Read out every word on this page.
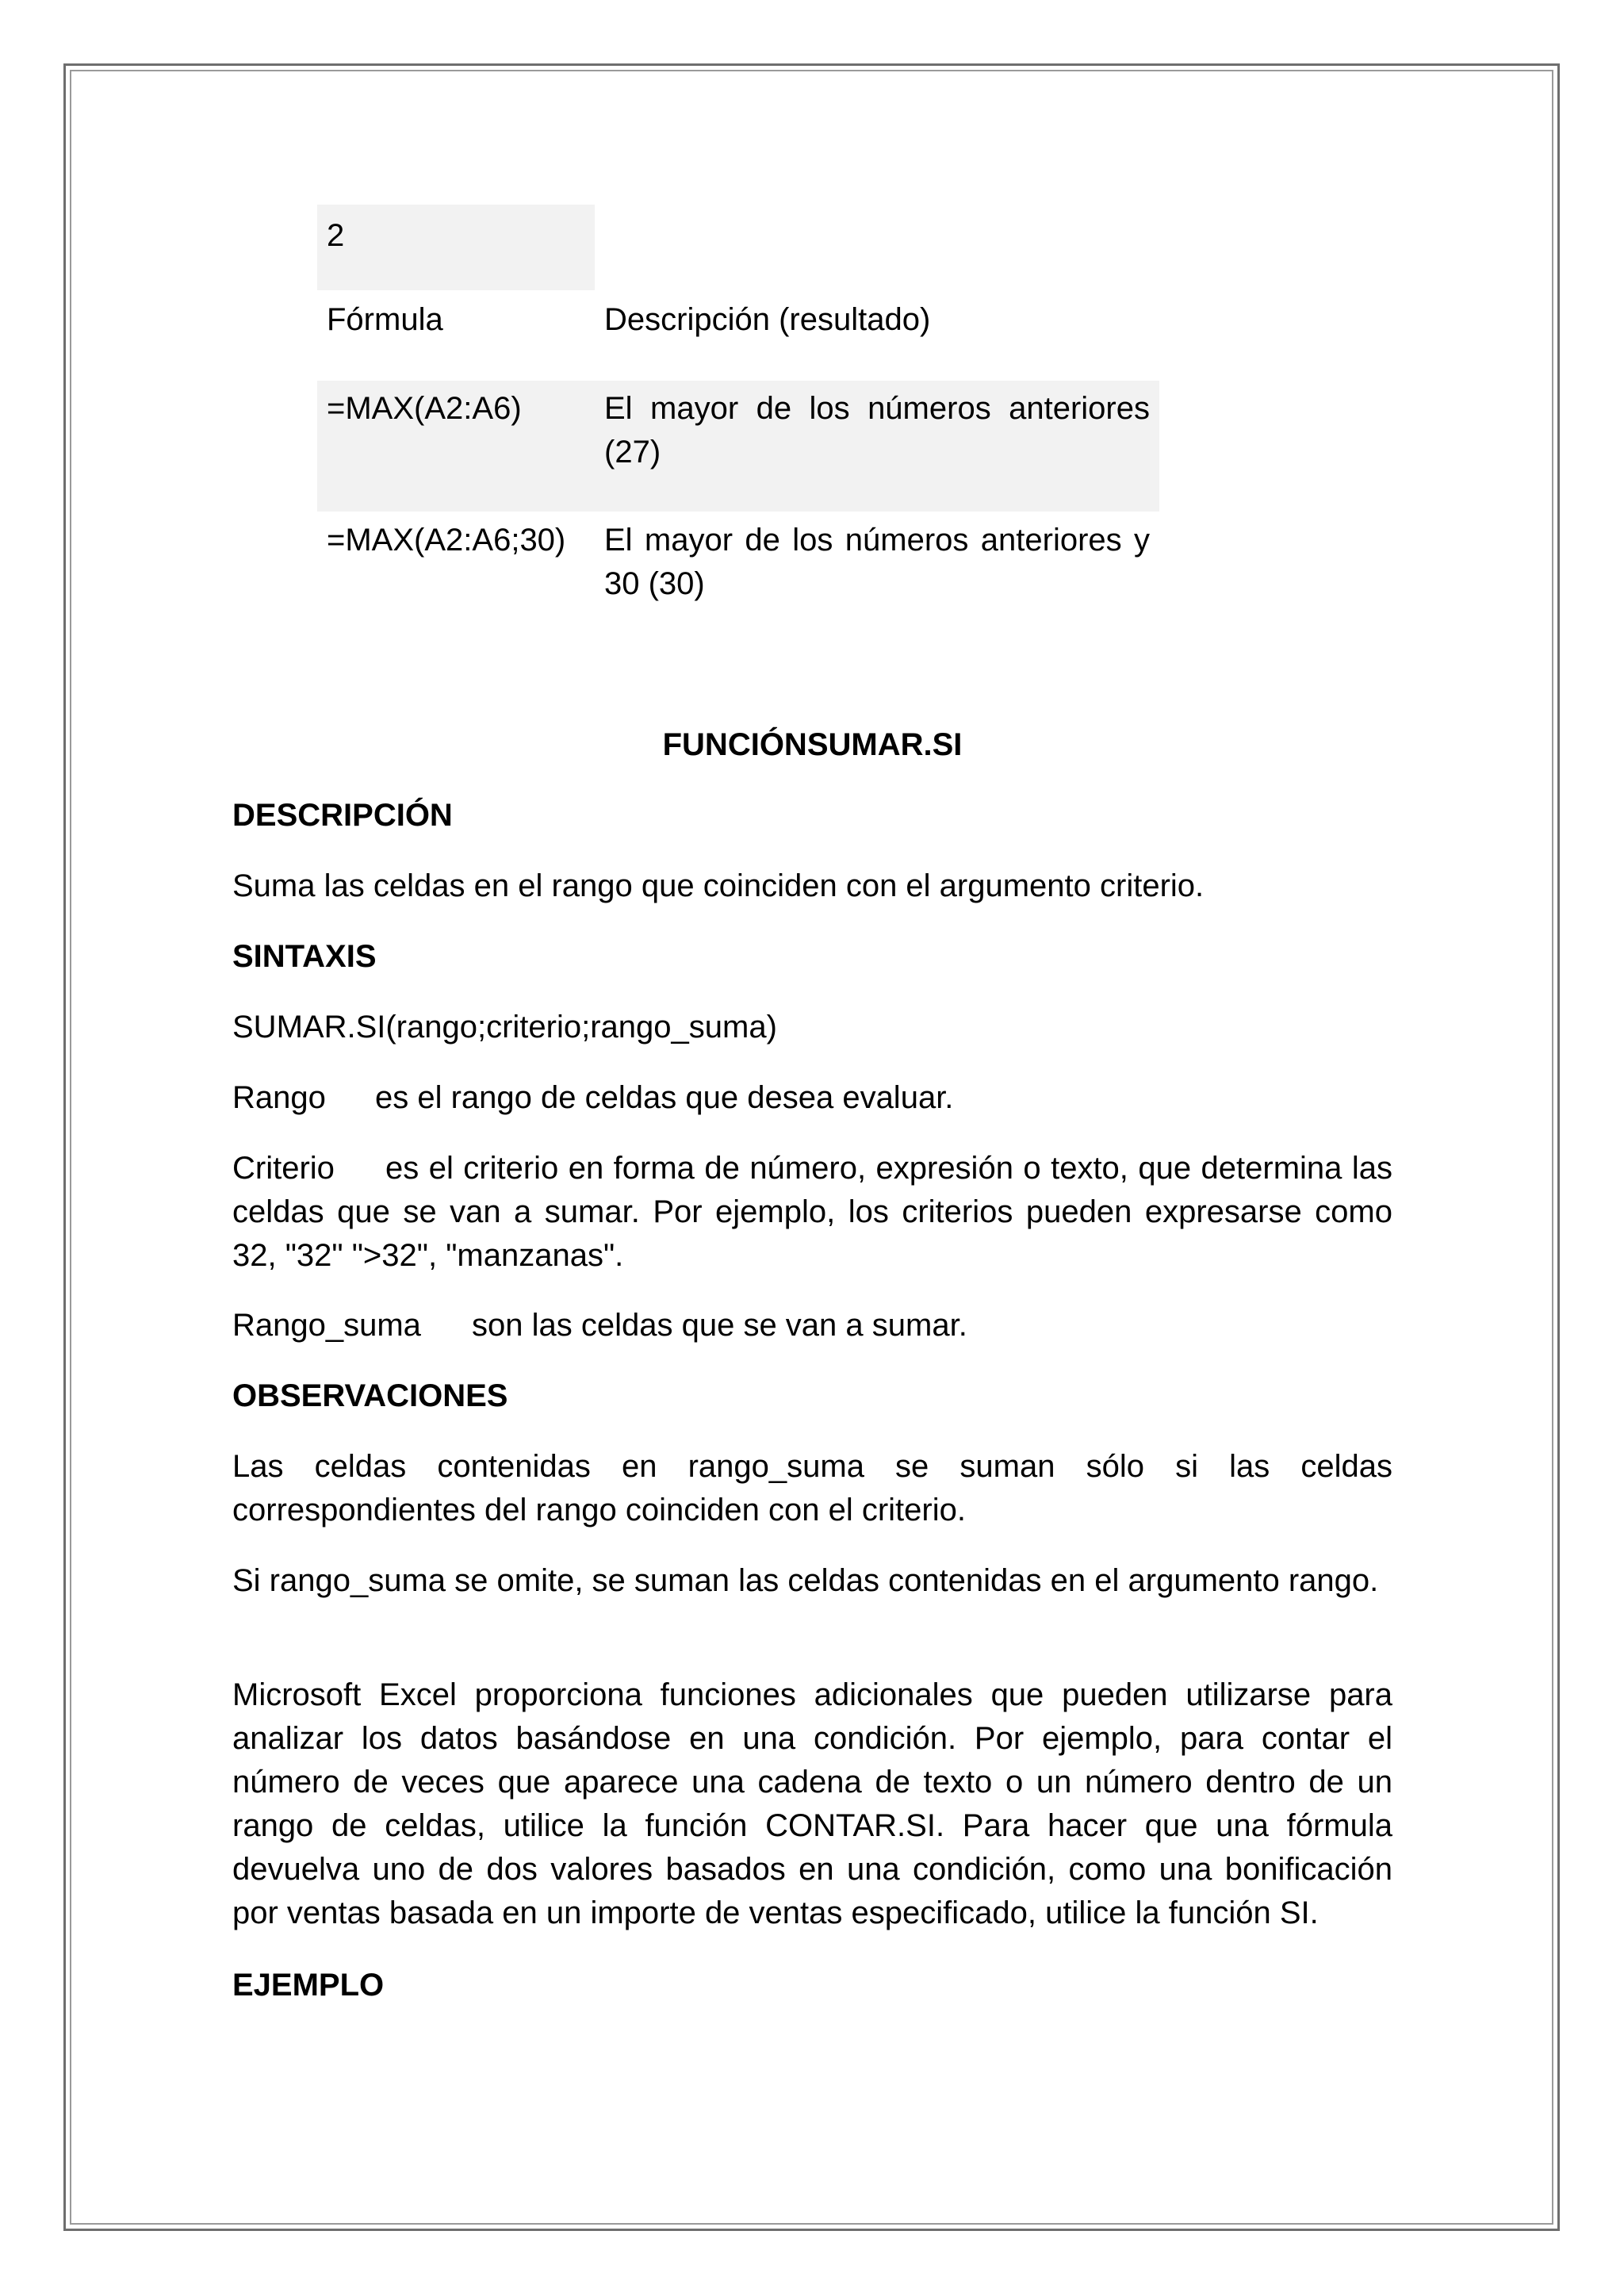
2
Fórmula	Descripción (resultado)
=MAX(A2:A6)	El mayor de los números anteriores (27)
=MAX(A2:A6;30)	El mayor de los números anteriores y 30 (30)
FUNCIÓNSUMAR.SI
DESCRIPCIÓN
Suma las celdas en el rango que coinciden con el argumento criterio.
SINTAXIS
SUMAR.SI(rango;criterio;rango_suma)
Rango es el rango de celdas que desea evaluar.
Criterio es el criterio en forma de número, expresión o texto, que determina las celdas que se van a sumar. Por ejemplo, los criterios pueden expresarse como 32, "32" ">32", "manzanas".
Rango_suma son las celdas que se van a sumar.
OBSERVACIONES
Las celdas contenidas en rango_suma se suman sólo si las celdas correspondientes del rango coinciden con el criterio.
Si rango_suma se omite, se suman las celdas contenidas en el argumento rango.
Microsoft Excel proporciona funciones adicionales que pueden utilizarse para analizar los datos basándose en una condición. Por ejemplo, para contar el número de veces que aparece una cadena de texto o un número dentro de un rango de celdas, utilice la función CONTAR.SI. Para hacer que una fórmula devuelva uno de dos valores basados en una condición, como una bonificación por ventas basada en un importe de ventas especificado, utilice la función SI.
EJEMPLO
